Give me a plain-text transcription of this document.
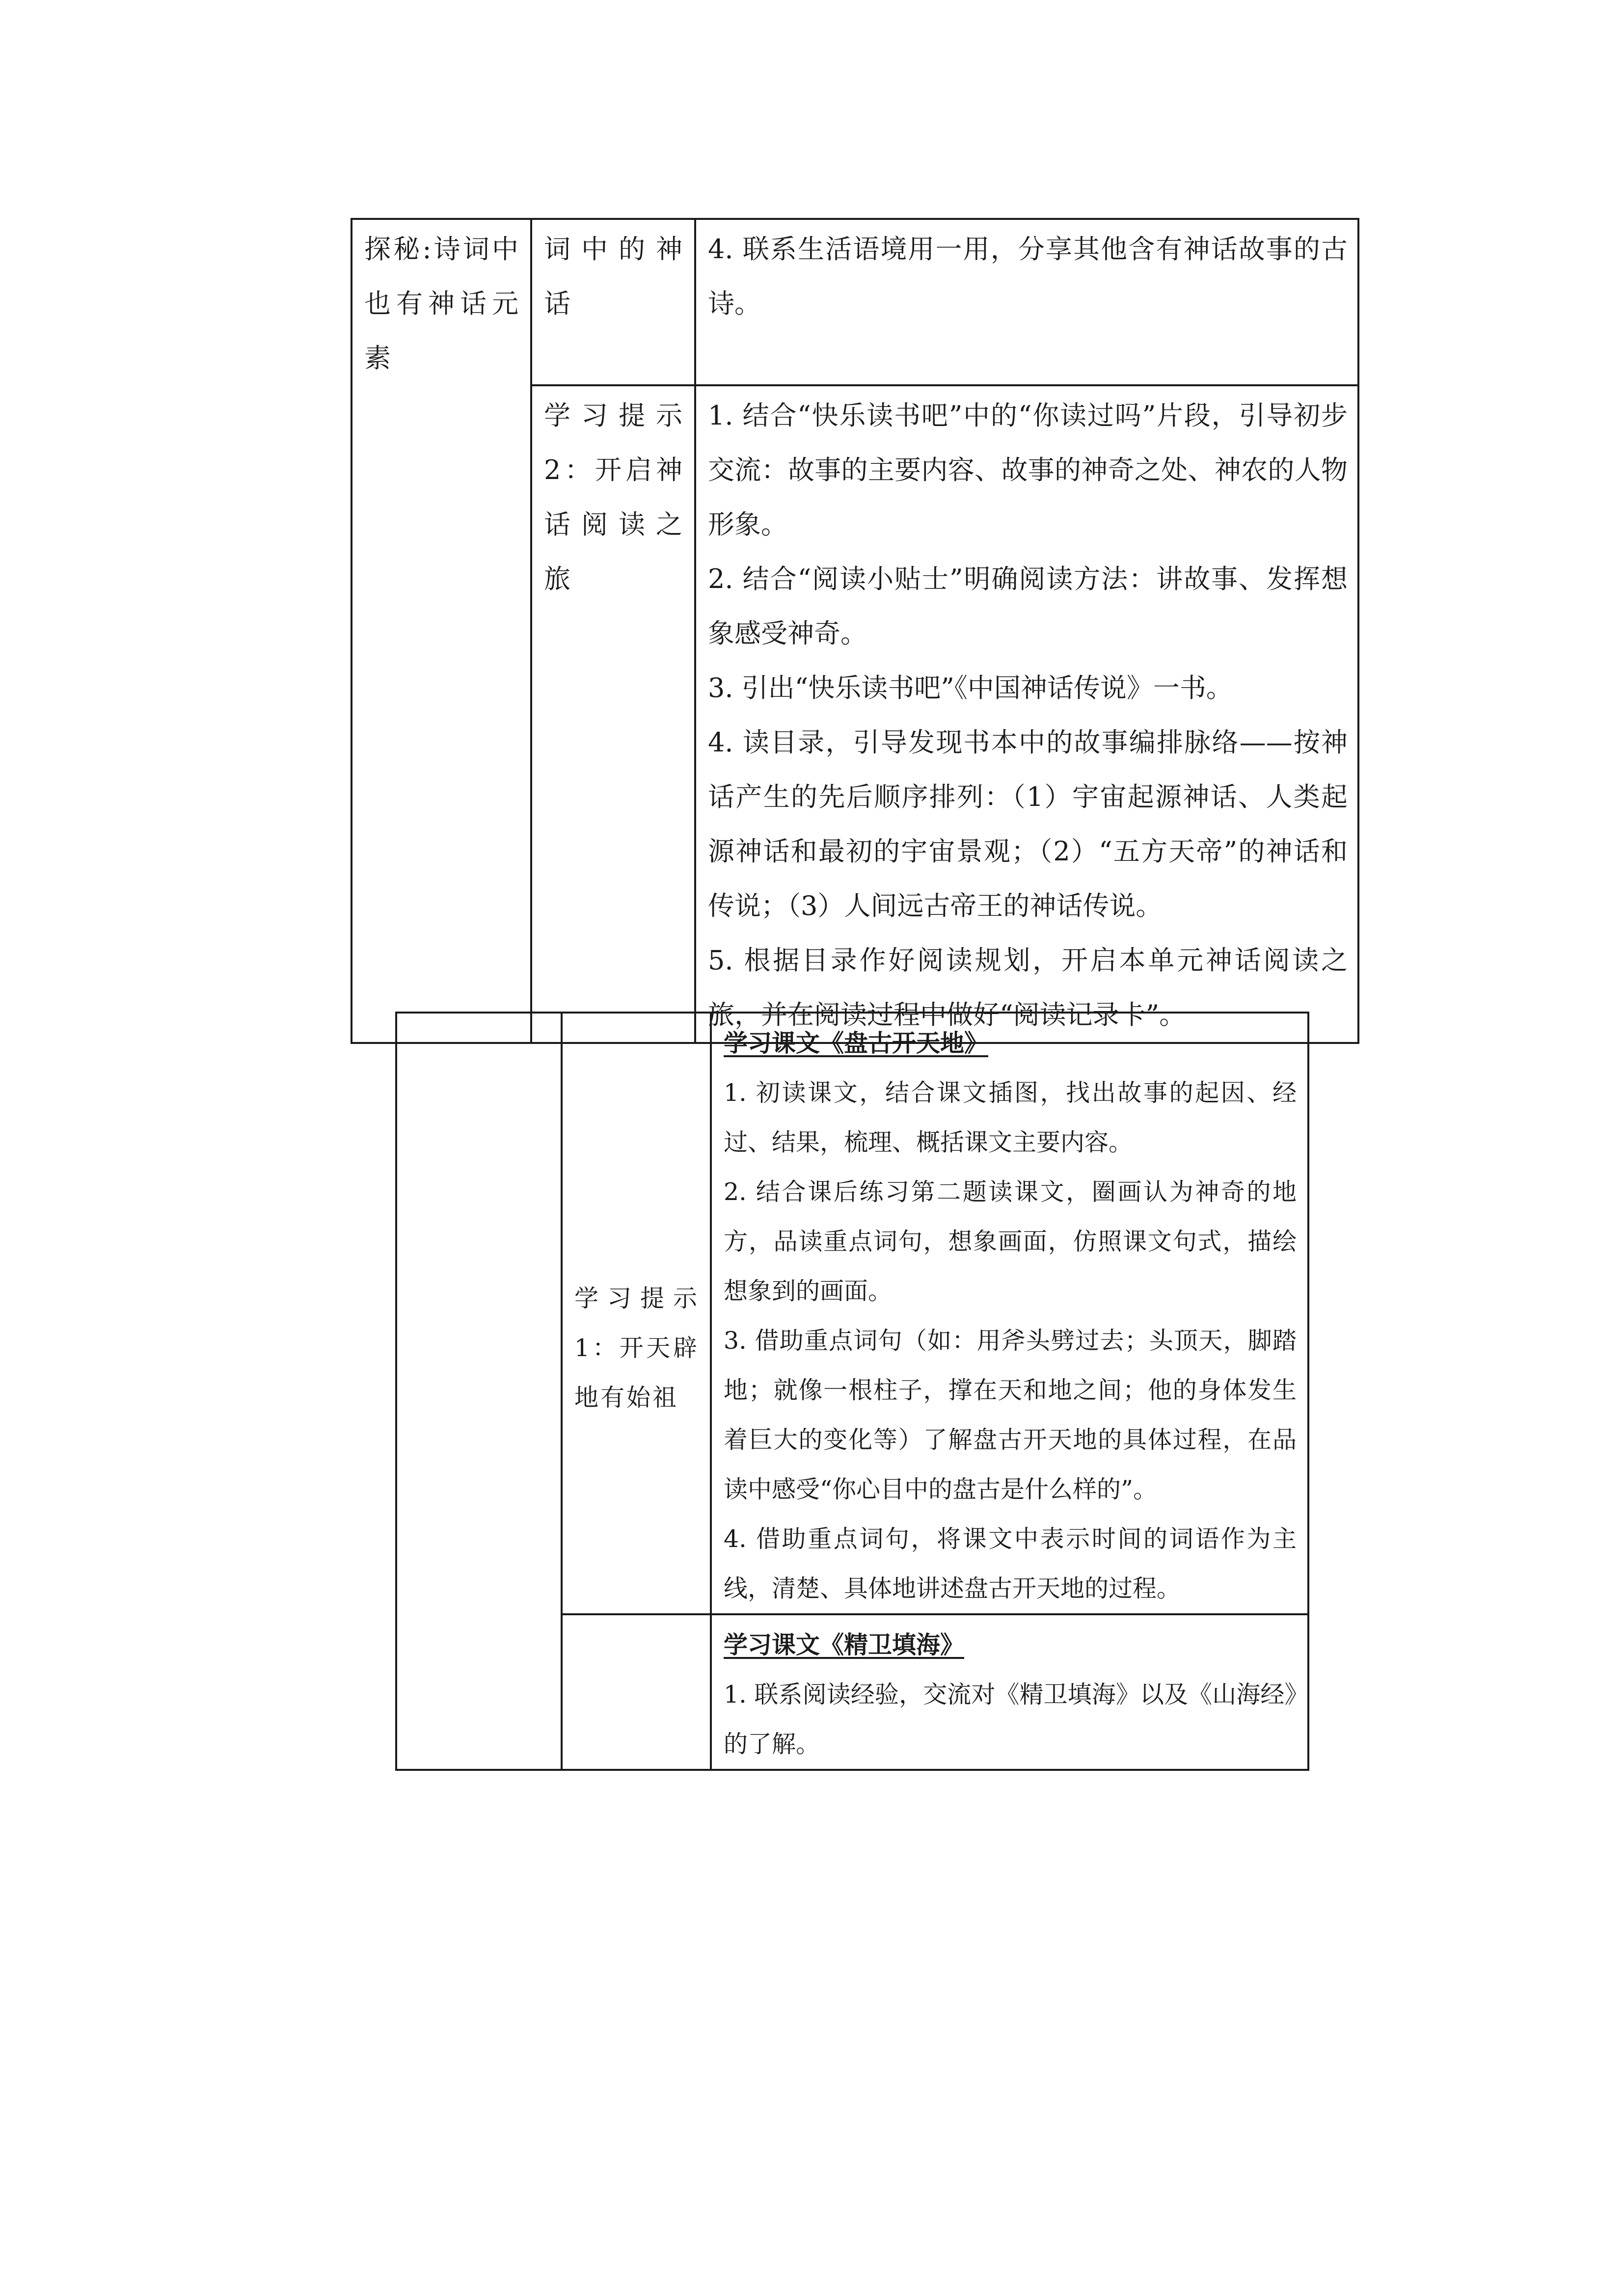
探秘:诗词中也有神话元素	词中的神话	4. 联系生活语境用一用，分享其他含有神话故事的古诗。

	学习提示2：开启神话阅读之旅	1. 结合“快乐读书吧”中的“你读过吗”片段，引导初步交流：故事的主要内容、故事的神奇之处、神农的人物形象。

2. 结合“阅读小贴士”明确阅读方法：讲故事、发挥想象感受神奇。

3. 引出“快乐读书吧”《中国神话传说》一书。

4. 读目录，引导发现书本中的故事编排脉络——按神话产生的先后顺序排列：（1）宇宙起源神话、人类起源神话和最初的宇宙景观；（2）“五方天帝”的神话和传说；（3）人间远古帝王的神话传说。

5. 根据目录作好阅读规划，开启本单元神话阅读之旅，并在阅读过程中做好“阅读记录卡”。

	学习提示1：开天辟地有始祖	学习课文《盘古开天地》

1. 初读课文，结合课文插图，找出故事的起因、经过、结果，梳理、概括课文主要内容。

2. 结合课后练习第二题读课文，圈画认为神奇的地方，品读重点词句，想象画面，仿照课文句式，描绘想象到的画面。

3. 借助重点词句（如：用斧头劈过去；头顶天，脚踏地；就像一根柱子，撑在天和地之间；他的身体发生着巨大的变化等）了解盘古开天地的具体过程，在品读中感受“你心目中的盘古是什么样的”。

4. 借助重点词句，将课文中表示时间的词语作为主线，清楚、具体地讲述盘古开天地的过程。

		学习课文《精卫填海》

1. 联系阅读经验，交流对《精卫填海》以及《山海经》的了解。
